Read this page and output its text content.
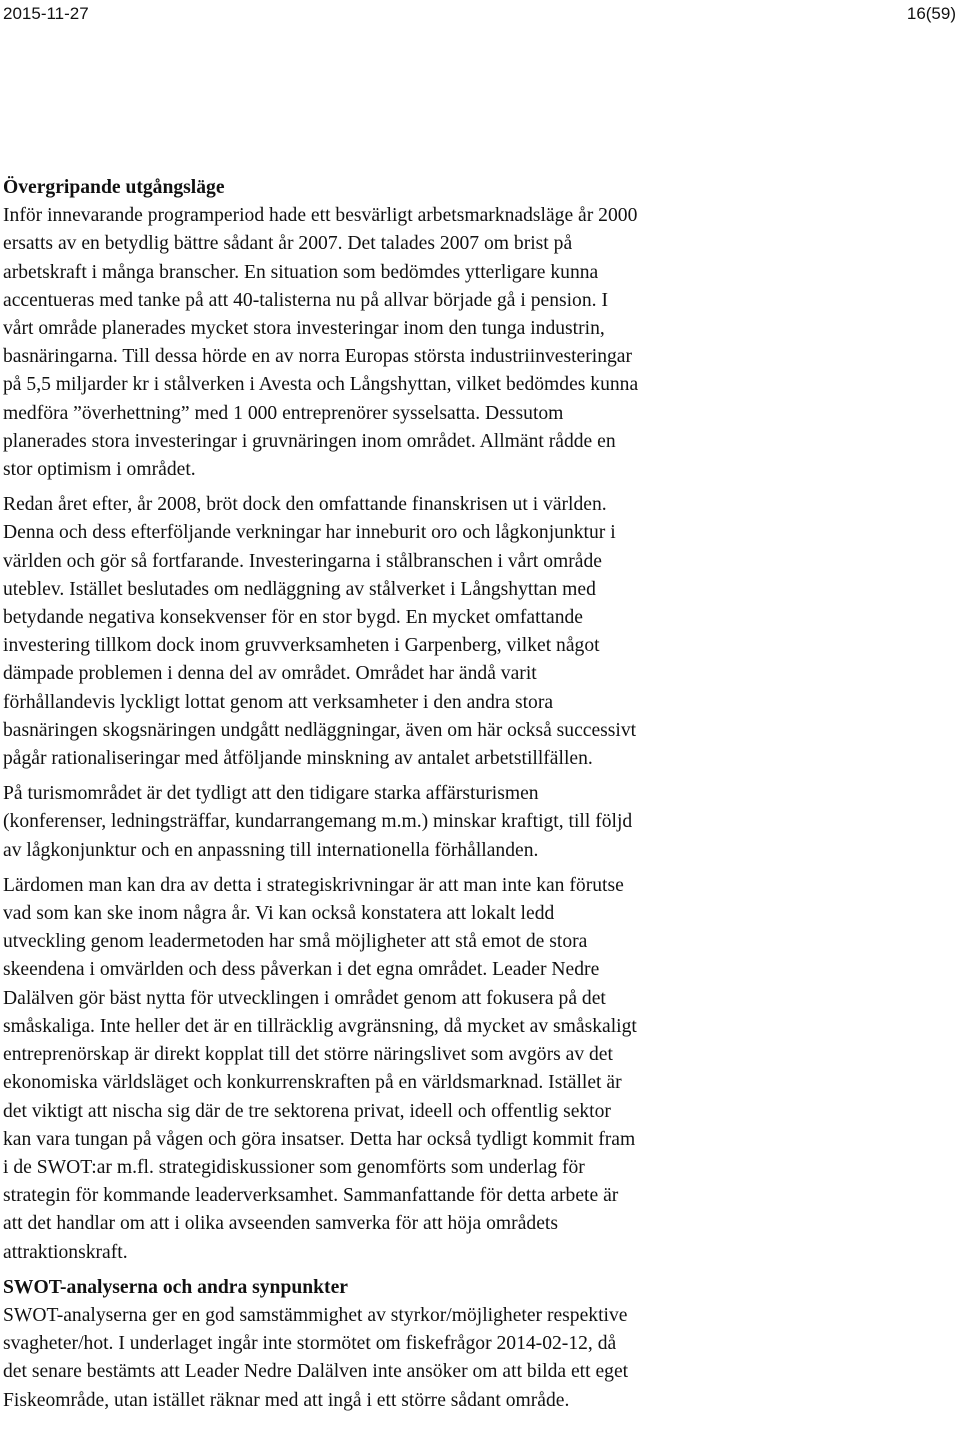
2015-11-27	16(59)
Övergripande utgångsläge

Inför innevarande programperiod hade ett besvärligt arbetsmarknadsläge år 2000
ersatts av en betydlig bättre sådant år 2007. Det talades 2007 om brist på
arbetskraft i många branscher. En situation som bedömdes ytterligare kunna
accentueras med tanke på att 40-talisterna nu på allvar började gå i pension. I
vårt område planerades mycket stora investeringar inom den tunga industrin,
basnäringarna. Till dessa hörde en av norra Europas största industriinvesteringar
på 5,5 miljarder kr i stålverken i Avesta och Långshyttan, vilket bedömdes kunna
medföra ”överhettning” med 1 000 entreprenörer sysselsatta. Dessutom
planerades stora investeringar i gruvnäringen inom området. Allmänt rådde en
stor optimism i området.

Redan året efter, år 2008, bröt dock den omfattande finanskrisen ut i världen.
Denna och dess efterföljande verkningar har inneburit oro och lågkonjunktur i
världen och gör så fortfarande. Investeringarna i stålbranschen i vårt område
uteblev. Istället beslutades om nedläggning av stålverket i Långshyttan med
betydande negativa konsekvenser för en stor bygd. En mycket omfattande
investering tillkom dock inom gruvverksamheten i Garpenberg, vilket något
dämpade problemen i denna del av området. Området har ändå varit
förhållandevis lyckligt lottat genom att verksamheter i den andra stora
basnäringen skogsnäringen undgått nedläggningar, även om här också successivt
pågår rationaliseringar med åtföljande minskning av antalet arbetstillfällen.

På turismområdet är det tydligt att den tidigare starka affärsturismen
(konferenser, ledningsträffar, kundarrangemang m.m.) minskar kraftigt, till följd
av lågkonjunktur och en anpassning till internationella förhållanden.

Lärdomen man kan dra av detta i strategiskrivningar är att man inte kan förutse
vad som kan ske inom några år. Vi kan också konstatera att lokalt ledd
utveckling genom leadermetoden har små möjligheter att stå emot de stora
skeendena i omvärlden och dess påverkan i det egna området. Leader Nedre
Dalälven gör bäst nytta för utvecklingen i området genom att fokusera på det
småskaliga. Inte heller det är en tillräcklig avgränsning, då mycket av småskaligt
entreprenörskap är direkt kopplat till det större näringslivet som avgörs av det
ekonomiska världsläget och konkurrenskraften på en världsmarknad. Istället är
det viktigt att nischa sig där de tre sektorena privat, ideell och offentlig sektor
kan vara tungan på vågen och göra insatser. Detta har också tydligt kommit fram
i de SWOT:ar m.fl. strategidiskussioner som genomförts som underlag för
strategin för kommande leaderverksamhet. Sammanfattande för detta arbete är
att det handlar om att i olika avseenden samverka för att höja områdets
attraktionskraft.

SWOT-analyserna och andra synpunkter

SWOT-analyserna ger en god samstämmighet av styrkor/möjligheter respektive
svagheter/hot. I underlaget ingår inte stormötet om fiskefrågor 2014-02-12, då
det senare bestämts att Leader Nedre Dalälven inte ansöker om att bilda ett eget
Fiskeområde, utan istället räknar med att ingå i ett större sådant område.
